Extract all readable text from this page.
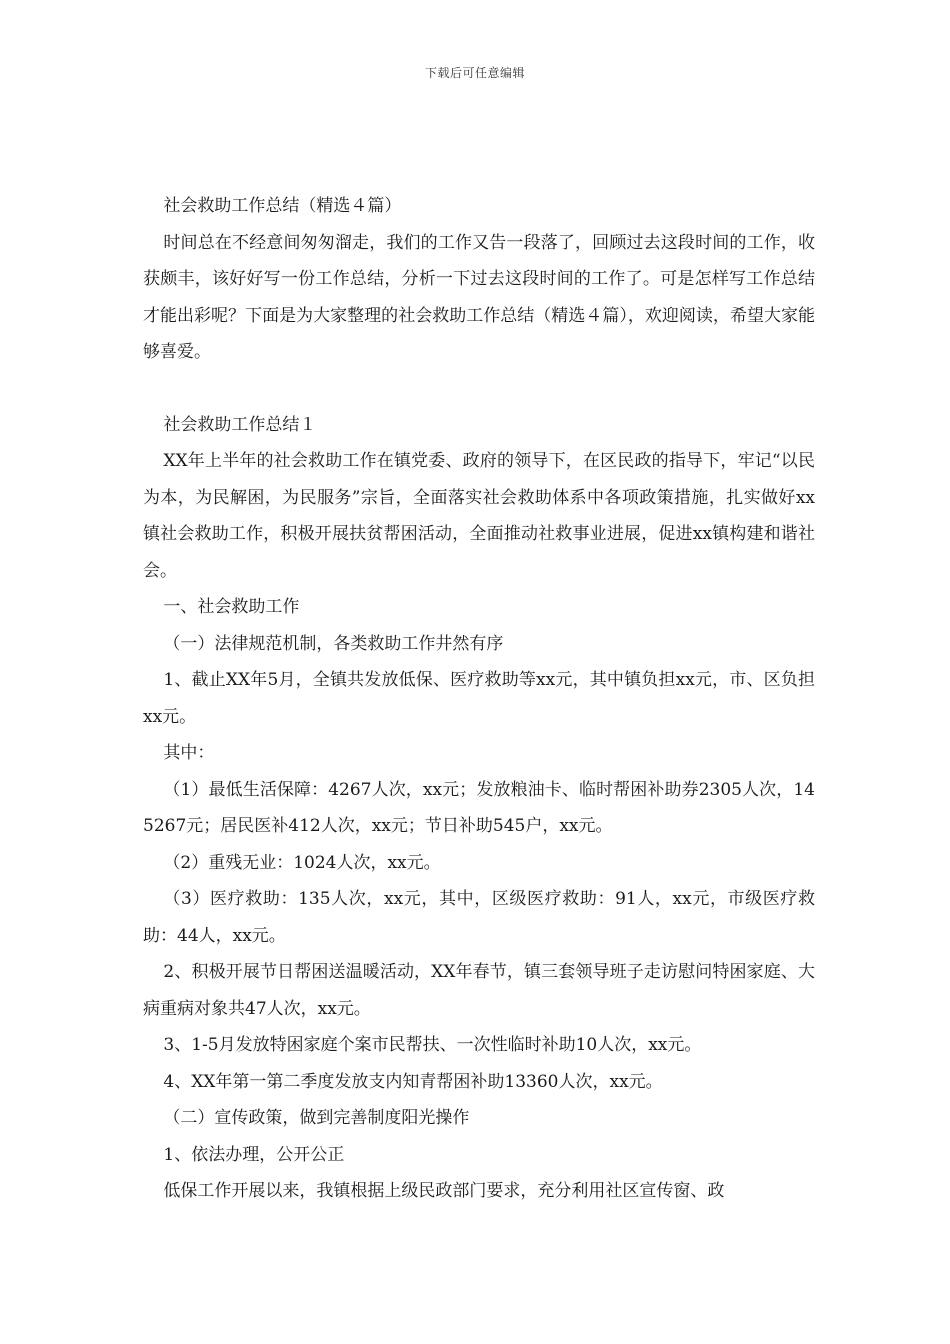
下载后可任意编辑

社会救助工作总结（精选４篇）

时间总在不经意间匆匆溜走，我们的工作又告一段落了，回顾过去这段时间的工作，收获颇丰，该好好写一份工作总结，分析一下过去这段时间的工作了。可是怎样写工作总结才能出彩呢？下面是为大家整理的社会救助工作总结（精选４篇），欢迎阅读，希望大家能够喜爱。

社会救助工作总结１

XX年上半年的社会救助工作在镇党委、政府的领导下，在区民政的指导下，牢记“以民为本，为民解困，为民服务”宗旨，全面落实社会救助体系中各项政策措施，扎实做好xx镇社会救助工作，积极开展扶贫帮困活动，全面推动社救事业进展，促进xx镇构建和谐社会。

一、社会救助工作

（一）法律规范机制，各类救助工作井然有序

1、截止XX年5月，全镇共发放低保、医疗救助等xx元，其中镇负担xx元，市、区负担xx元。

其中：

（1）最低生活保障：4267人次，xx元；发放粮油卡、临时帮困补助券2305人次，145267元；居民医补412人次，xx元；节日补助545户，xx元。

（2）重残无业：1024人次，xx元。

（3）医疗救助：135人次，xx元，其中，区级医疗救助：91人，xx元，市级医疗救助：44人，xx元。

2、积极开展节日帮困送温暖活动，XX年春节，镇三套领导班子走访慰问特困家庭、大病重病对象共47人次，xx元。

3、1-5月发放特困家庭个案市民帮扶、一次性临时补助10人次，xx元。

4、XX年第一第二季度发放支内知青帮困补助13360人次，xx元。

（二）宣传政策，做到完善制度阳光操作

1、依法办理，公开公正

低保工作开展以来，我镇根据上级民政部门要求，充分利用社区宣传窗、政
